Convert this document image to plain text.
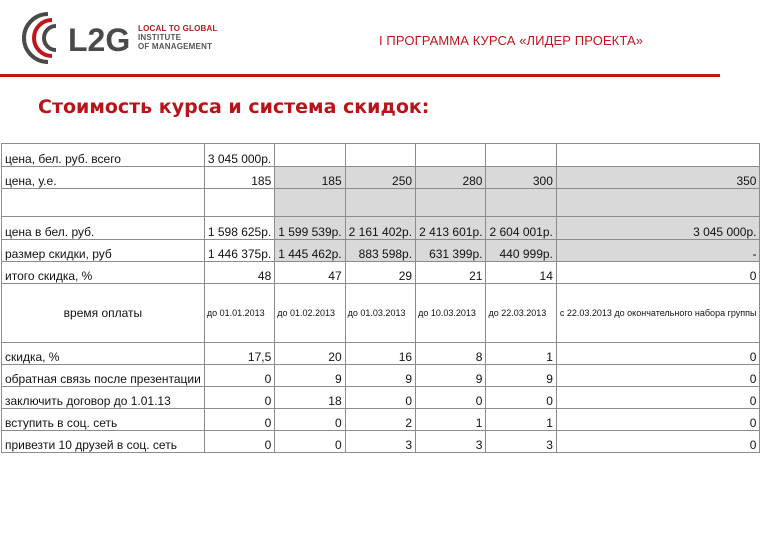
L2G LOCAL TO GLOBAL
INSTITUTE
OF MANAGEMENT	I ПРОГРАММА КУРСА «ЛИДЕР ПРОЕКТА»
Стоимость курса и система скидок:
цена, бел. руб. всего	3 045 000р.					
цена, у.е.	185	185	250	280	300	350

цена в бел. руб.	1 598 625р.	1 599 539р.	2 161 402р.	2 413 601р.	2 604 001р.	3 045 000р.
размер скидки, руб	1 446 375р.	1 445 462р.	883 598р.	631 399р.	440 999р.	-
итого скидка, %	48	47	29	21	14	0
время оплаты	до 01.01.2013	до 01.02.2013	до 01.03.2013	до 10.03.2013	до 22.03.2013	с 22.03.2013 до окончательного набора группы
скидка, %	17,5	20	16	8	1	0
обратная связь после презентации	0	9	9	9	9	0
заключить договор до 1.01.13	0	18	0	0	0	0
вступить в соц. сеть	0	0	2	1	1	0
привезти 10 друзей в соц. сеть	0	0	3	3	3	0
